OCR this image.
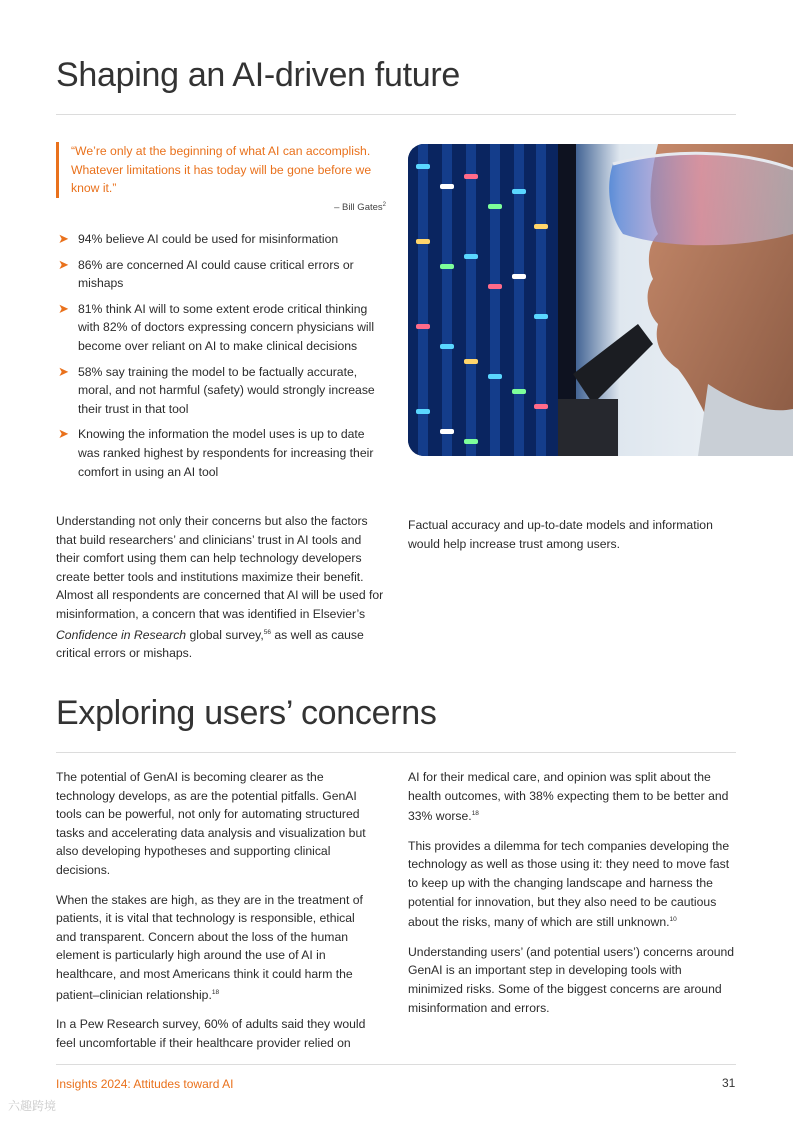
Shaping an AI-driven future

“We’re only at the beginning of what AI can accomplish. Whatever limitations it has today will be gone before we know it.”

– Bill Gates$^2$
➤ 94% believe AI could be used for misinformation
➤ 86% are concerned AI could cause critical errors or mishaps
➤ 81% think AI will to some extent erode critical thinking with 82% of doctors expressing concern physicians will become over reliant on AI to make clinical decisions
➤ 58% say training the model to be factually accurate, moral, and not harmful (safety) would strongly increase their trust in that tool
➤ Knowing the information the model uses is up to date was ranked highest by respondents for increasing their comfort in using an AI tool

Understanding not only their concerns but also the factors that build researchers’ and clinicians’ trust in AI tools and their comfort using them can help technology developers create better tools and institutions maximize their benefit. Almost all respondents are concerned that AI will be used for misinformation, a concern that was identified in Elsevier’s Confidence in Research global survey,$^{56}$ as well as cause critical errors or mishaps.

Factual accuracy and up-to-date models and information would help increase trust among users.

Exploring users’ concerns

The potential of GenAI is becoming clearer as the technology develops, as are the potential pitfalls. GenAI tools can be powerful, not only for automating structured tasks and accelerating data analysis and visualization but also developing hypotheses and supporting clinical decisions.

When the stakes are high, as they are in the treatment of patients, it is vital that technology is responsible, ethical and transparent. Concern about the loss of the human element is particularly high around the use of AI in healthcare, and most Americans think it could harm the patient–clinician relationship.$^{18}$

In a Pew Research survey, 60% of adults said they would feel uncomfortable if their healthcare provider relied on

AI for their medical care, and opinion was split about the health outcomes, with 38% expecting them to be better and 33% worse.$^{18}$

This provides a dilemma for tech companies developing the technology as well as those using it: they need to move fast to keep up with the changing landscape and harness the potential for innovation, but they also need to be cautious about the risks, many of which are still unknown.$^{10}$

Understanding users’ (and potential users’) concerns around GenAI is an important step in developing tools with minimized risks. Some of the biggest concerns are around misinformation and errors.

Insights 2024: Attitudes toward AI	31
六趣跨境
